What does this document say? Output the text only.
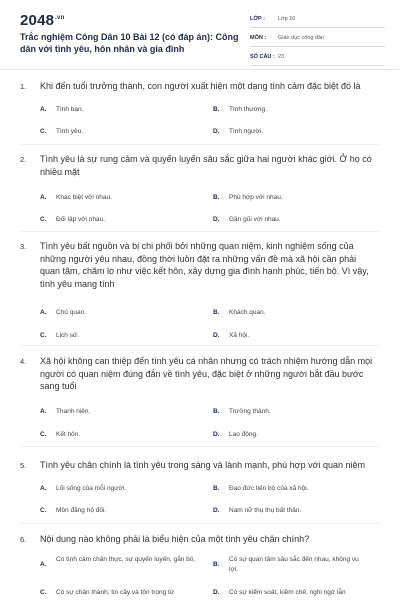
$2048^{.vn}$
Trắc nghiệm Công Dân 10 Bài 12 (có đáp án): Công dân với tình yêu, hôn nhân và gia đình
LỚP :	Lớp 10
MÔN :	Giáo dục công dân
SỐ CÂU : 23
1. Khi đến tuổi trưởng thành, con người xuất hiện một dạng tình cảm đặc biệt đó là
A.	Tình bạn.	B.	Tình thương.
C.	Tình yêu.	D.	Tình người.
2. Tình yêu là sự rung cảm và quyến luyến sâu sắc giữa hai người khác giới. Ở họ có nhiều mặt
A.	Khác biệt với nhau.	B.	Phù hợp với nhau.
C.	Đối lập với nhau.	D.	Gần gũi với nhau.
3. Tình yêu bất nguồn và bị chi phối bởi những quan niệm, kinh nghiệm sống của những người yêu nhau, đồng thời luôn đặt ra những vấn đề mà xã hội cần phải quan tâm, chăm lo như việc kết hôn, xây dựng gia đình hạnh phúc, tiến bộ. Vì vậy, tình yêu mang tính
A.	Chủ quan.	B.	Khách quan.
C.	Lịch sử.	D.	Xã hội.
4. Xã hội không can thiệp đến tình yêu cá nhân nhưng có trách nhiệm hướng dẫn mọi người có quan niệm đúng đắn về tình yêu, đặc biệt ở những người bắt đầu bước sang tuổi
A.	Thanh niên.	B.	Trưởng thành.
C.	Kết hôn.	D.	Lao động.
5. Tình yêu chân chính là tình yêu trong sáng và lành mạnh, phù hợp với quan niệm
A.	Lối sống của mỗi người.	B.	Đạo đức tiến bộ của xã hội.
C.	Môn đăng hộ đối.	D.	Nam nữ thụ thụ bất thân.
6. Nội dung nào không phải là biểu hiện của một tình yêu chân chính?
A.
Có tình cảm chân thực, sự quyến luyến, gắn bó.
B.
Có sự quan tâm sâu sắc đến nhau, không vụ lợi.
C.	Có sự chân thành, tin cậy và tôn trọng từ	D.	Có sự kiểm soát, kiềm chế, nghi ngờ lẫn
